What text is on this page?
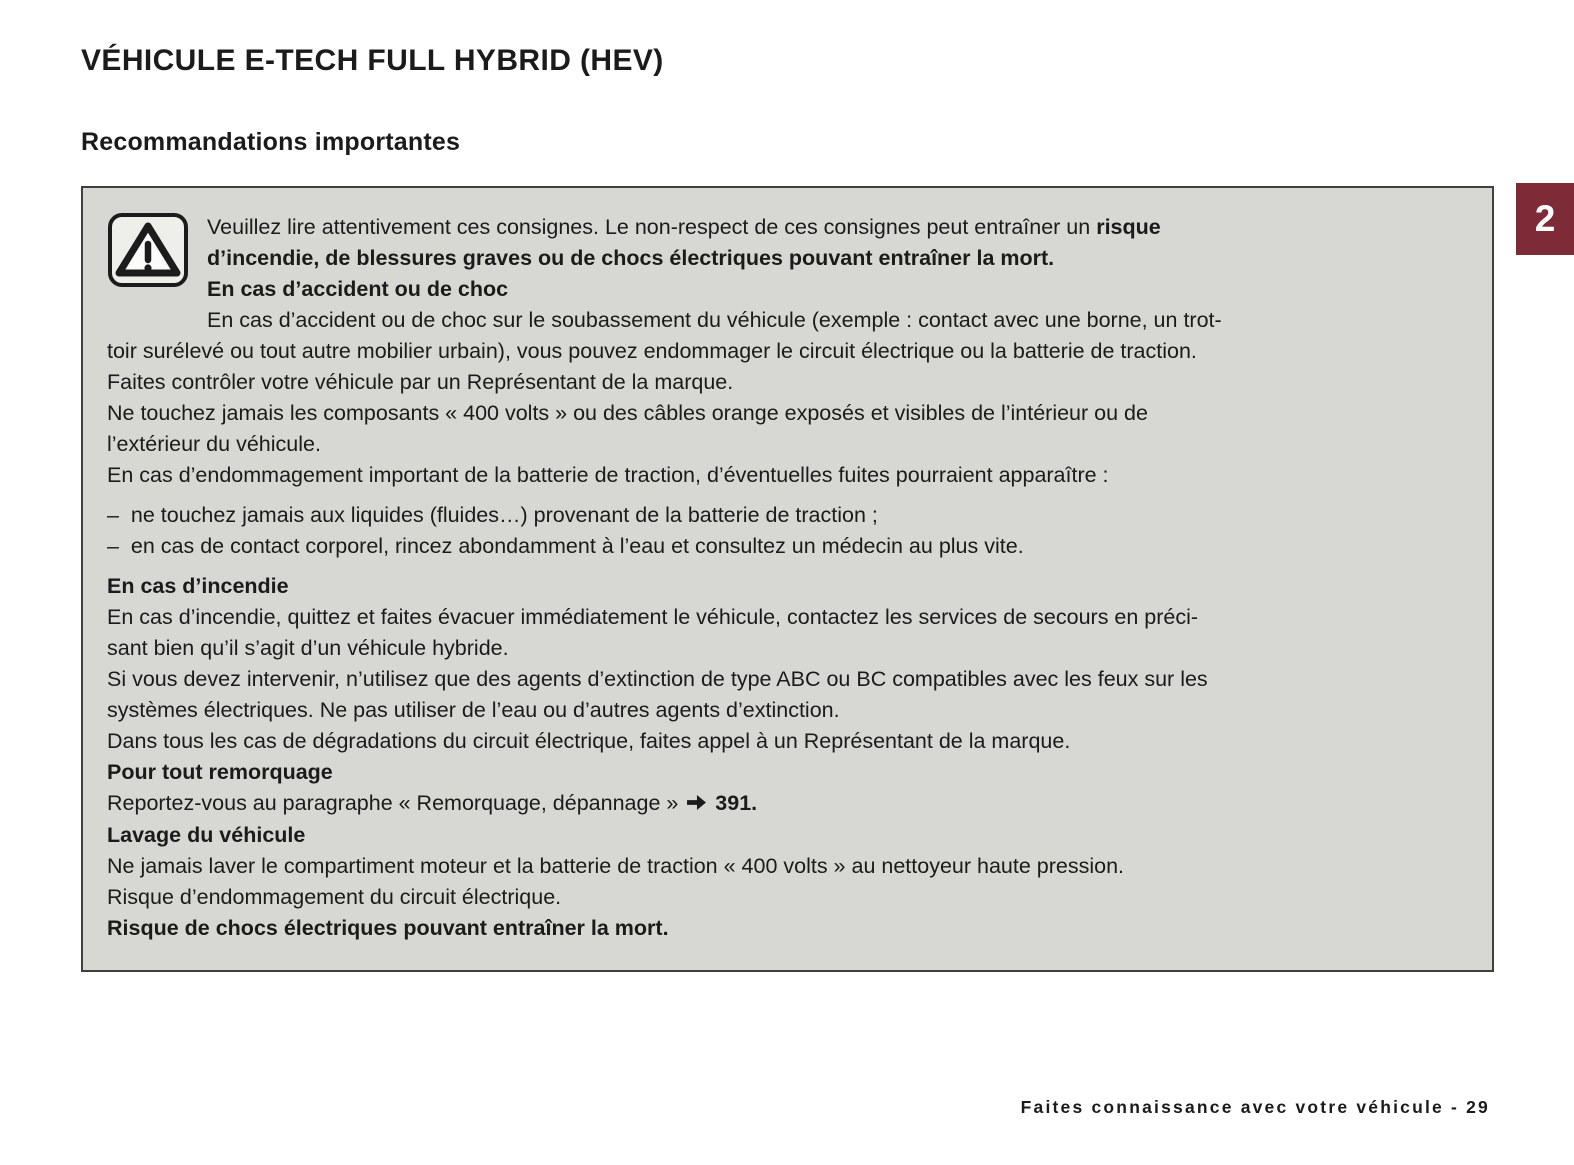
VÉHICULE E-TECH FULL HYBRID (HEV)
Recommandations importantes
Veuillez lire attentivement ces consignes. Le non-respect de ces consignes peut entraîner un risque
d’incendie, de blessures graves ou de chocs électriques pouvant entraîner la mort.
En cas d’accident ou de choc
En cas d’accident ou de choc sur le soubassement du véhicule (exemple : contact avec une borne, un trot-
toir surélevé ou tout autre mobilier urbain), vous pouvez endommager le circuit électrique ou la batterie de traction.
Faites contrôler votre véhicule par un Représentant de la marque.
Ne touchez jamais les composants « 400 volts » ou des câbles orange exposés et visibles de l’intérieur ou de
l’extérieur du véhicule.
En cas d’endommagement important de la batterie de traction, d’éventuelles fuites pourraient apparaître :
–  ne touchez jamais aux liquides (fluides…) provenant de la batterie de traction ;
–  en cas de contact corporel, rincez abondamment à l’eau et consultez un médecin au plus vite.
En cas d’incendie
En cas d’incendie, quittez et faites évacuer immédiatement le véhicule, contactez les services de secours en préci-
sant bien qu’il s’agit d’un véhicule hybride.
Si vous devez intervenir, n’utilisez que des agents d’extinction de type ABC ou BC compatibles avec les feux sur les
systèmes électriques. Ne pas utiliser de l’eau ou d’autres agents d’extinction.
Dans tous les cas de dégradations du circuit électrique, faites appel à un Représentant de la marque.
Pour tout remorquage
Reportez-vous au paragraphe « Remorquage, dépannage »  391.
Lavage du véhicule
Ne jamais laver le compartiment moteur et la batterie de traction « 400 volts » au nettoyeur haute pression.
Risque d’endommagement du circuit électrique.
Risque de chocs électriques pouvant entraîner la mort.
2
Faites connaissance avec votre véhicule - 29
